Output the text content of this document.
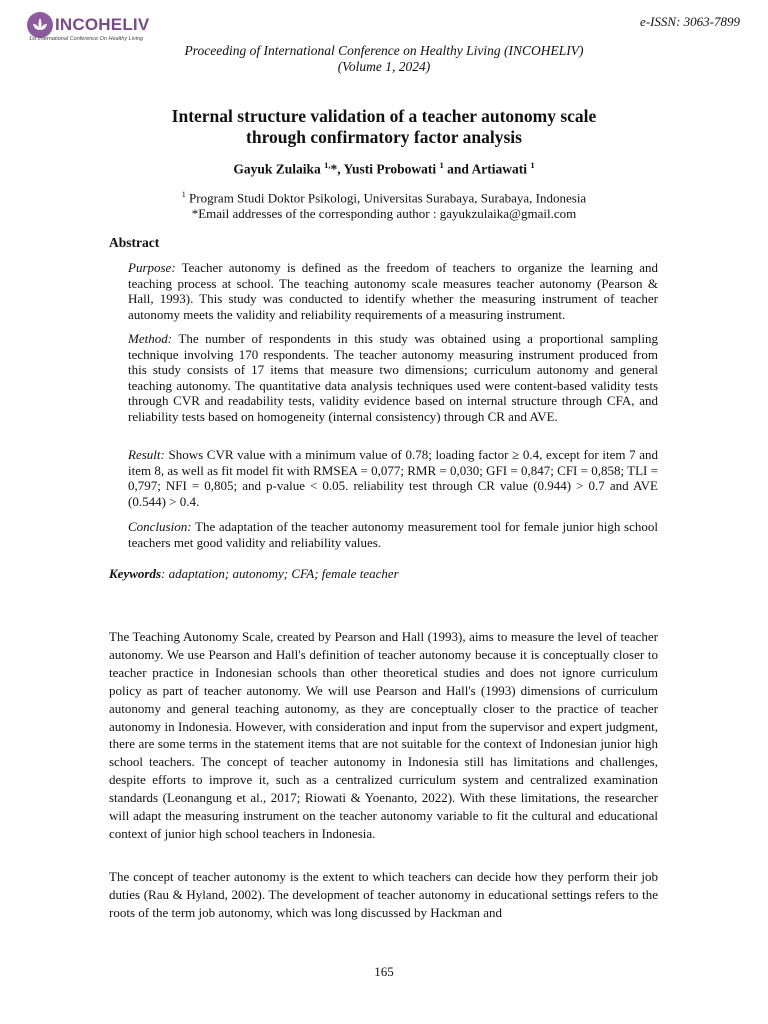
INCOHELIV
1st International Conference On Healthy Living
e-ISSN: 3063-7899
Proceeding of International Conference on Healthy Living (INCOHELIV)
(Volume 1, 2024)
Internal structure validation of a teacher autonomy scale
through confirmatory factor analysis
Gayuk Zulaika $^{1,}$*, Yusti Probowati $^1$ and Artiawati $^1$
$^1$ Program Studi Doktor Psikologi, Universitas Surabaya, Surabaya, Indonesia
*Email addresses of the corresponding author : gayukzulaika@gmail.com
Abstract
Purpose: Teacher autonomy is defined as the freedom of teachers to organize the learning and teaching process at school. The teaching autonomy scale measures teacher autonomy (Pearson & Hall, 1993). This study was conducted to identify whether the measuring instrument of teacher autonomy meets the validity and reliability requirements of a measuring instrument.
Method: The number of respondents in this study was obtained using a proportional sampling technique involving 170 respondents. The teacher autonomy measuring instrument produced from this study consists of 17 items that measure two dimensions; curriculum autonomy and general teaching autonomy. The quantitative data analysis techniques used were content-based validity tests through CVR and readability tests, validity evidence based on internal structure through CFA, and reliability tests based on homogeneity (internal consistency) through CR and AVE.
Result: Shows CVR value with a minimum value of 0.78; loading factor ≥ 0.4, except for item 7 and item 8, as well as fit model fit with RMSEA = 0,077; RMR = 0,030; GFI = 0,847; CFI = 0,858; TLI = 0,797; NFI = 0,805; and p-value < 0.05. reliability test through CR value (0.944) > 0.7 and AVE (0.544) > 0.4.
Conclusion: The adaptation of the teacher autonomy measurement tool for female junior high school teachers met good validity and reliability values.
Keywords: adaptation; autonomy; CFA; female teacher
The Teaching Autonomy Scale, created by Pearson and Hall (1993), aims to measure the level of teacher autonomy. We use Pearson and Hall's definition of teacher autonomy because it is conceptually closer to teacher practice in Indonesian schools than other theoretical studies and does not ignore curriculum policy as part of teacher autonomy. We will use Pearson and Hall's (1993) dimensions of curriculum autonomy and general teaching autonomy, as they are conceptually closer to the practice of teacher autonomy in Indonesia. However, with consideration and input from the supervisor and expert judgment, there are some terms in the statement items that are not suitable for the context of Indonesian junior high school teachers. The concept of teacher autonomy in Indonesia still has limitations and challenges, despite efforts to improve it, such as a centralized curriculum system and centralized examination standards (Leonangung et al., 2017; Riowati & Yoenanto, 2022). With these limitations, the researcher will adapt the measuring instrument on the teacher autonomy variable to fit the cultural and educational context of junior high school teachers in Indonesia.
The concept of teacher autonomy is the extent to which teachers can decide how they perform their job duties (Rau & Hyland, 2002). The development of teacher autonomy in educational settings refers to the roots of the term job autonomy, which was long discussed by Hackman and
165
